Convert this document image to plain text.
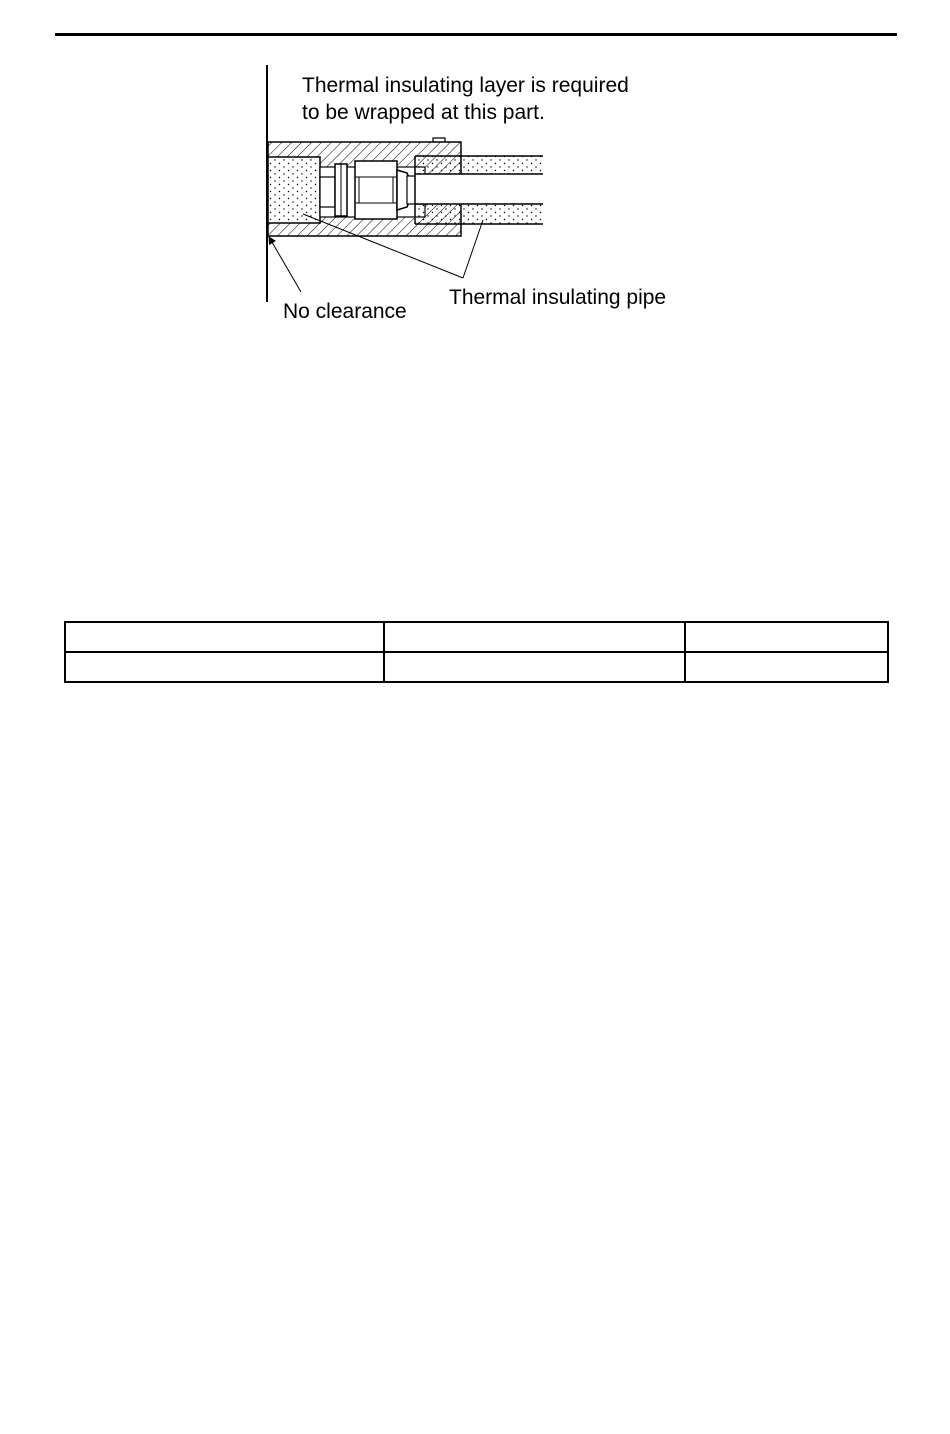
Thermal insulating layer is required
to be wrapped at this part.
Thermal insulating pipe
No clearance
